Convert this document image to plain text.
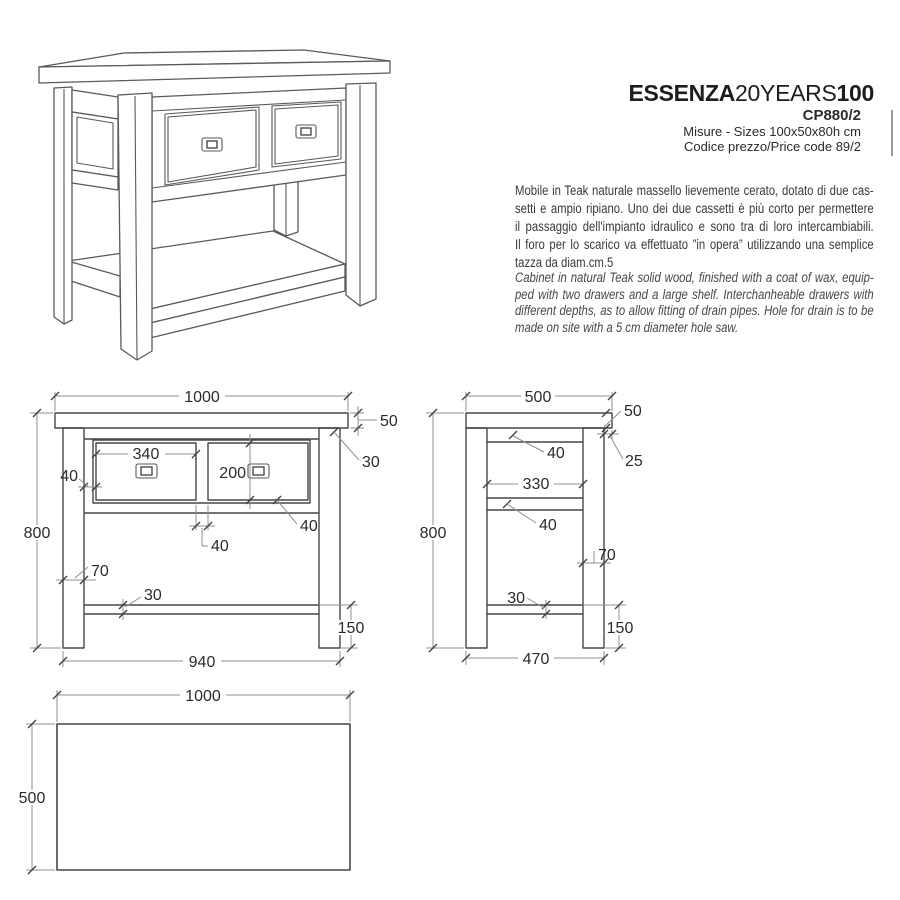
ESSENZA20YEARS100
CP880/2
Misure - Sizes 100x50x80h cm
Codice prezzo/Price code 89/2
Mobile in Teak naturale massello lievemente cerato, dotato di due cas-
setti e ampio ripiano. Uno dei due cassetti è più corto per permettere
il passaggio dell'impianto idraulico e sono tra di loro intercambiabili.
Il foro per lo scarico va effettuato ”in opera” utilizzando una semplice
tazza da diam.cm.5
Cabinet in natural Teak solid wood, finished with a coat of wax, equip-
ped with two drawers and a large shelf. Interchanheable drawers with
different depths, as to allow fitting of drain pipes. Hole for drain is to be
made on site with a 5 cm diameter hole saw.
1000
50
30
340
200
40
40
40
70
30
150
940
800
500
50
25
40
330
40
800
70
30
150
470
1000
500
